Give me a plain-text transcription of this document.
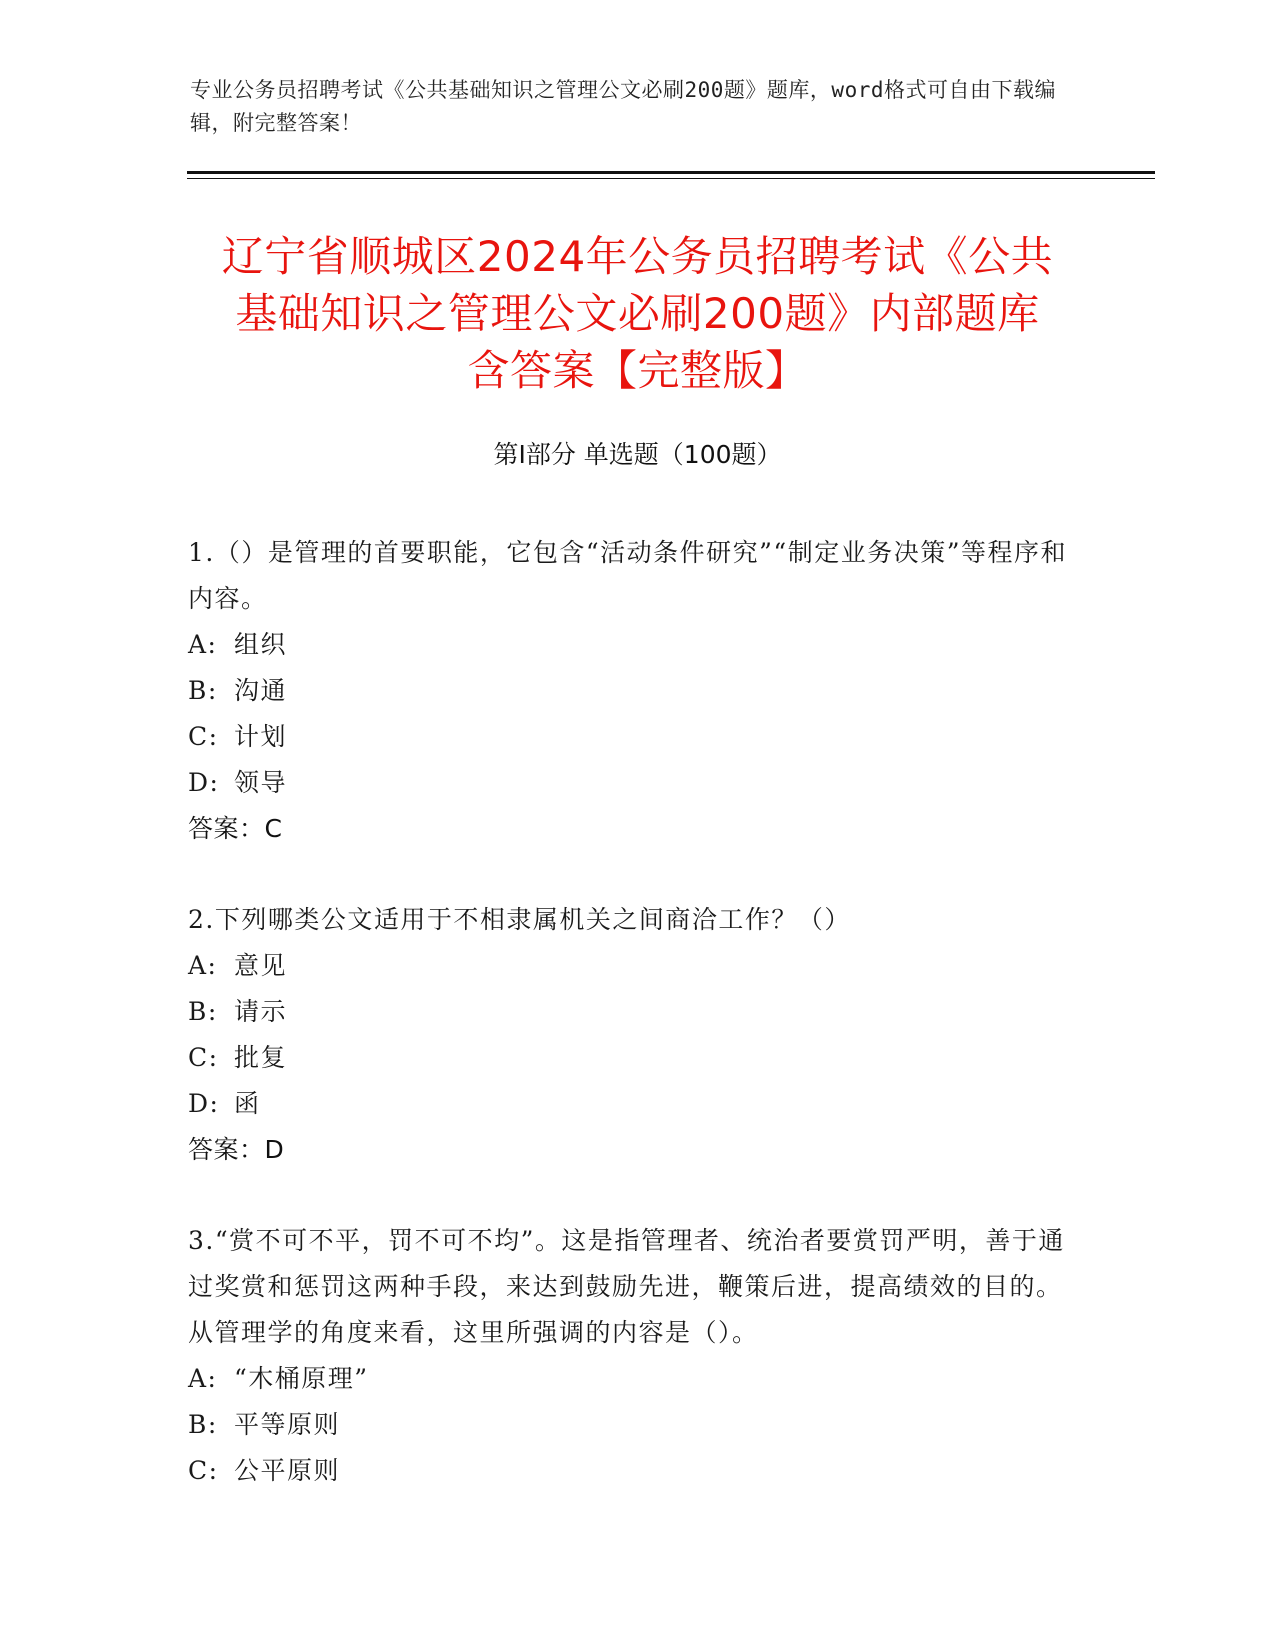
专业公务员招聘考试《公共基础知识之管理公文必刷200题》题库，word格式可自由下载编辑，附完整答案！
辽宁省顺城区2024年公务员招聘考试《公共
基础知识之管理公文必刷200题》内部题库
含答案【完整版】
第Ⅰ部分 单选题（100题）

1.（）是管理的首要职能，它包含“活动条件研究”“制定业务决策”等程序和内容。

A: 组织

B: 沟通

C: 计划

D: 领导

答案：C

2.下列哪类公文适用于不相隶属机关之间商洽工作？（）

A: 意见

B: 请示

C: 批复

D: 函

答案：D

3.“赏不可不平，罚不可不均”。这是指管理者、统治者要赏罚严明，善于通过奖赏和惩罚这两种手段，来达到鼓励先进，鞭策后进，提高绩效的目的。从管理学的角度来看，这里所强调的内容是（）。

A: “木桶原理”

B: 平等原则

C: 公平原则
